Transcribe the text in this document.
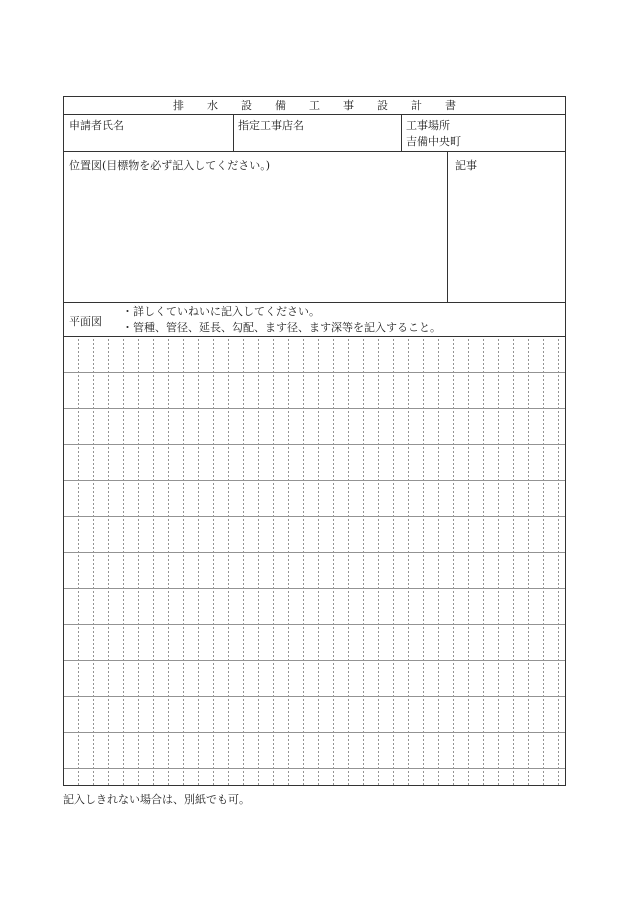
排	水	設	備	工	事	設	計	書
申請者氏名	指定工事店名	工事場所
吉備中央町
位置図(目標物を必ず記入してください。)	記事
平面図
・詳しくていねいに記入してください。
・管種、管径、延長、勾配、ます径、ます深等を記入すること。
記入しきれない場合は、別紙でも可。
